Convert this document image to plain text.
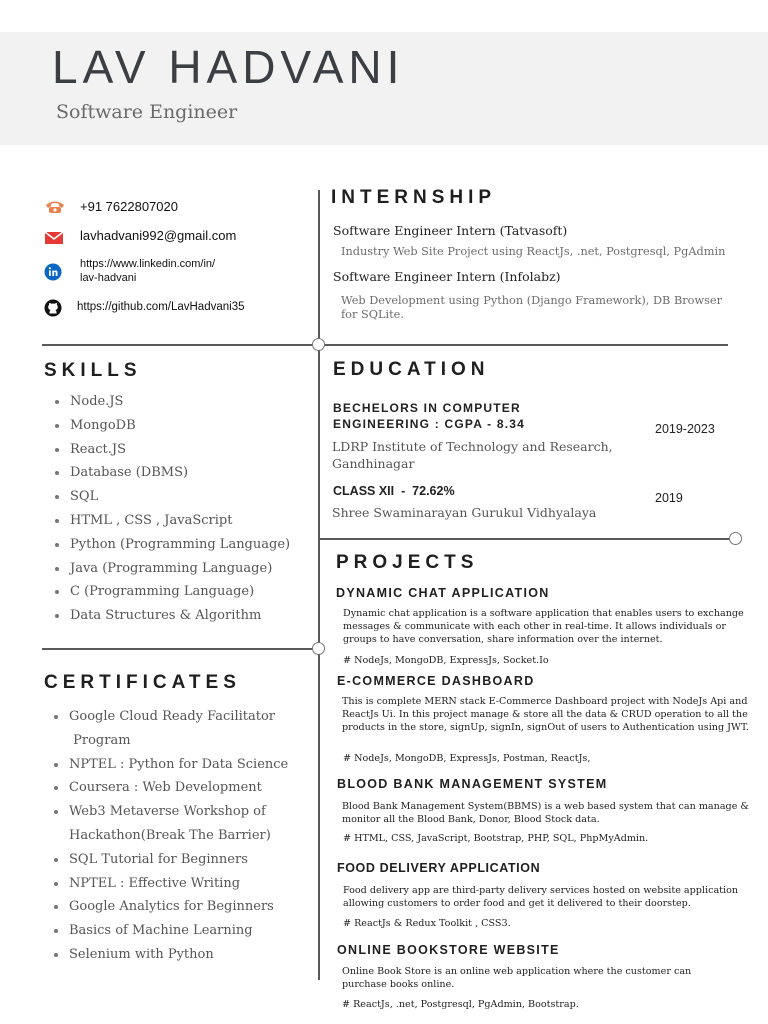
LAV HADVANI
Software Engineer
+91 7622807020
lavhadvani992@gmail.com
https://www.linkedin.com/in/
lav-hadvani
https://github.com/LavHadvani35
SKILLS
Node.JS
MongoDB
React.JS
Database (DBMS)
SQL
HTML , CSS , JavaScript
Python (Programming Language)
Java (Programming Language)
C (Programming Language)
Data Structures & Algorithm
CERTIFICATES
Google Cloud Ready Facilitator
Program
NPTEL : Python for Data Science
Coursera : Web Development
Web3 Metaverse Workshop of
Hackathon(Break The Barrier)
SQL Tutorial for Beginners
NPTEL : Effective Writing
Google Analytics for Beginners
Basics of Machine Learning
Selenium with Python
INTERNSHIP
Software Engineer Intern (Tatvasoft)
Industry Web Site Project using ReactJs, .net, Postgresql, PgAdmin
Software Engineer Intern (Infolabz)
Web Development using Python (Django Framework), DB Browser for SQLite.
EDUCATION
BECHELORS IN COMPUTER
ENGINEERING : CGPA - 8.34
LDRP Institute of Technology and Research,
Gandhinagar
2019-2023
CLASS XII  -  72.62%
Shree Swaminarayan Gurukul Vidhyalaya
2019
PROJECTS
DYNAMIC CHAT APPLICATION
Dynamic chat application is a software application that enables users to exchange messages & communicate with each other in real-time. It allows individuals or groups to have conversation, share information over the internet.
# NodeJs, MongoDB, ExpressJs, Socket.Io
E-COMMERCE DASHBOARD
This is complete MERN stack E-Commerce Dashboard project with NodeJs Api and ReactJs Ui. In this project manage & store all the data & CRUD operation to all the products in the store, signUp, signIn, signOut of users to Authentication using JWT.
# NodeJs, MongoDB, ExpressJs, Postman, ReactJs,
BLOOD BANK MANAGEMENT SYSTEM
Blood Bank Management System(BBMS) is a web based system that can manage & monitor all the Blood Bank, Donor, Blood Stock data.
# HTML, CSS, JavaScript, Bootstrap, PHP, SQL, PhpMyAdmin.
FOOD DELIVERY APPLICATION
Food delivery app are third-party delivery services hosted on website application allowing customers to order food and get it delivered to their doorstep.
# ReactJs & Redux Toolkit , CSS3.
ONLINE BOOKSTORE WEBSITE
Online Book Store is an online web application where the customer can purchase books online.
# ReactJs, .net, Postgresql, PgAdmin, Bootstrap.
